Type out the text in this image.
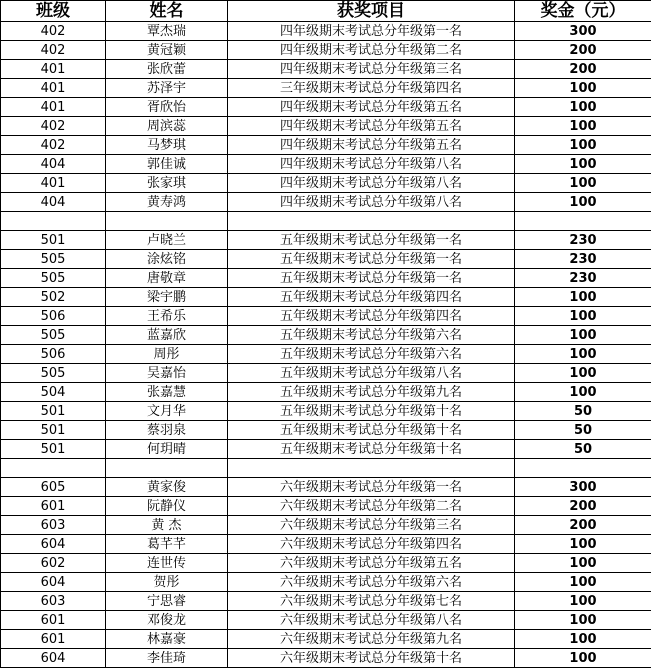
班级	姓名	获奖项目	奖金（元）
402	覃杰瑞	四年级期末考试总分年级第一名	300
402	黄冠颖	四年级期末考试总分年级第二名	200
401	张欣蕾	四年级期末考试总分年级第三名	200
401	苏泽宇	三年级期末考试总分年级第四名	100
401	胥欣怡	四年级期末考试总分年级第五名	100
402	周滨蕊	四年级期末考试总分年级第五名	100
402	马梦琪	四年级期末考试总分年级第五名	100
404	郭佳诚	四年级期末考试总分年级第八名	100
401	张家琪	四年级期末考试总分年级第八名	100
404	黄寿鸿	四年级期末考试总分年级第八名	100

501	卢晓兰	五年级期末考试总分年级第一名	230
505	涂炫铭	五年级期末考试总分年级第一名	230
505	唐敬章	五年级期末考试总分年级第一名	230
502	梁宇鹏	五年级期末考试总分年级第四名	100
506	王希乐	五年级期末考试总分年级第四名	100
505	蓝嘉欣	五年级期末考试总分年级第六名	100
506	周彤	五年级期末考试总分年级第六名	100
505	吴嘉怡	五年级期末考试总分年级第八名	100
504	张嘉慧	五年级期末考试总分年级第九名	100
501	文月华	五年级期末考试总分年级第十名	50
501	蔡羽泉	五年级期末考试总分年级第十名	50
501	何玥晴	五年级期末考试总分年级第十名	50

605	黄家俊	六年级期末考试总分年级第一名	300
601	阮静仪	六年级期末考试总分年级第二名	200
603	黄 杰	六年级期末考试总分年级第三名	200
604	葛芊芊	六年级期末考试总分年级第四名	100
602	连世传	六年级期末考试总分年级第五名	100
604	贺彤	六年级期末考试总分年级第六名	100
603	宁思睿	六年级期末考试总分年级第七名	100
601	邓俊龙	六年级期末考试总分年级第八名	100
601	林嘉豪	六年级期末考试总分年级第九名	100
604	李佳琦	六年级期末考试总分年级第十名	100
